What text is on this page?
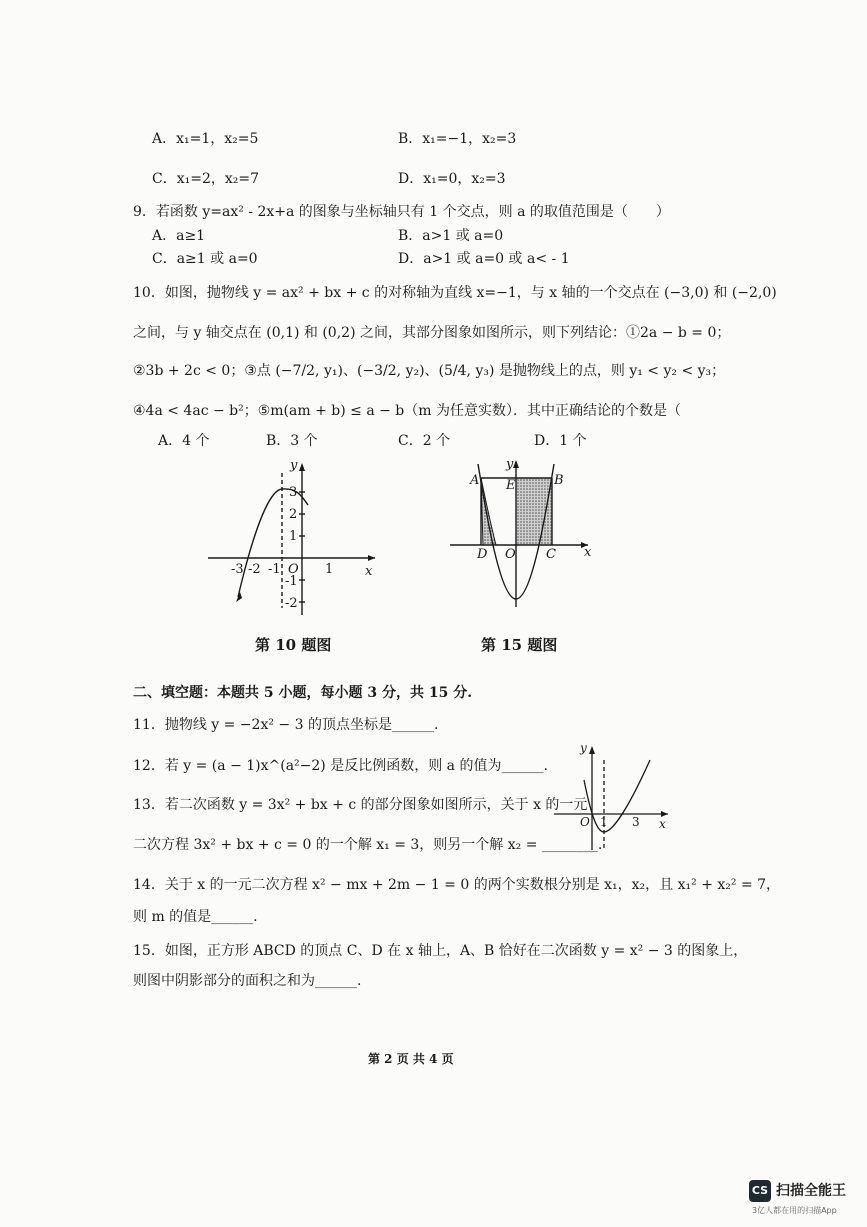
A．x₁=1，x₂=5	B．x₁=−1，x₂=3
C．x₁=2，x₂=7	D．x₁=0，x₂=3
9．若函数 y=ax² - 2x+a 的图象与坐标轴只有 1 个交点，则 a 的取值范围是（　　）
A．a≥1	B．a>1 或 a=0
C．a≥1 或 a=0	D．a>1 或 a=0 或 a< - 1
10．如图，抛物线 y = ax² + bx + c 的对称轴为直线 x=−1，与 x 轴的一个交点在 (−3,0) 和 (−2,0)
之间，与 y 轴交点在 (0,1) 和 (0,2) 之间，其部分图象如图所示，则下列结论：①2a − b = 0；
②3b + 2c < 0；③点 (−7/2, y₁)、(−3/2, y₂)、(5/4, y₃) 是抛物线上的点，则 y₁ < y₂ < y₃；
④4a < 4ac − b²；⑤m(am + b) ≤ a − b（m 为任意实数）．其中正确结论的个数是（
A．4 个	B．3 个	C．2 个	D．1 个
y
x
O
-3 -2 -1	1
3
2
1
-1
-2
第 10 题图
y
x
A	B
C
D
E
O
第 15 题图
二、填空题：本题共 5 小题，每小题 3 分，共 15 分.
11．抛物线 y = −2x² − 3 的顶点坐标是______.
12．若 y = (a − 1)x^(a²−2) 是反比例函数，则 a 的值为______.
13．若二次函数 y = 3x² + bx + c 的部分图象如图所示，关于 x 的一元
二次方程 3x² + bx + c = 0 的一个解 x₁ = 3，则另一个解 x₂ = ________.
y
x
O 1 3
14．关于 x 的一元二次方程 x² − mx + 2m − 1 = 0 的两个实数根分别是 x₁，x₂，且 x₁² + x₂² = 7，
则 m 的值是______.
15．如图，正方形 ABCD 的顶点 C、D 在 x 轴上，A、B 恰好在二次函数 y = x² − 3 的图象上，
则图中阴影部分的面积之和为______.
第 2 页 共 4 页
CS 扫描全能王
3亿人都在用的扫描App
